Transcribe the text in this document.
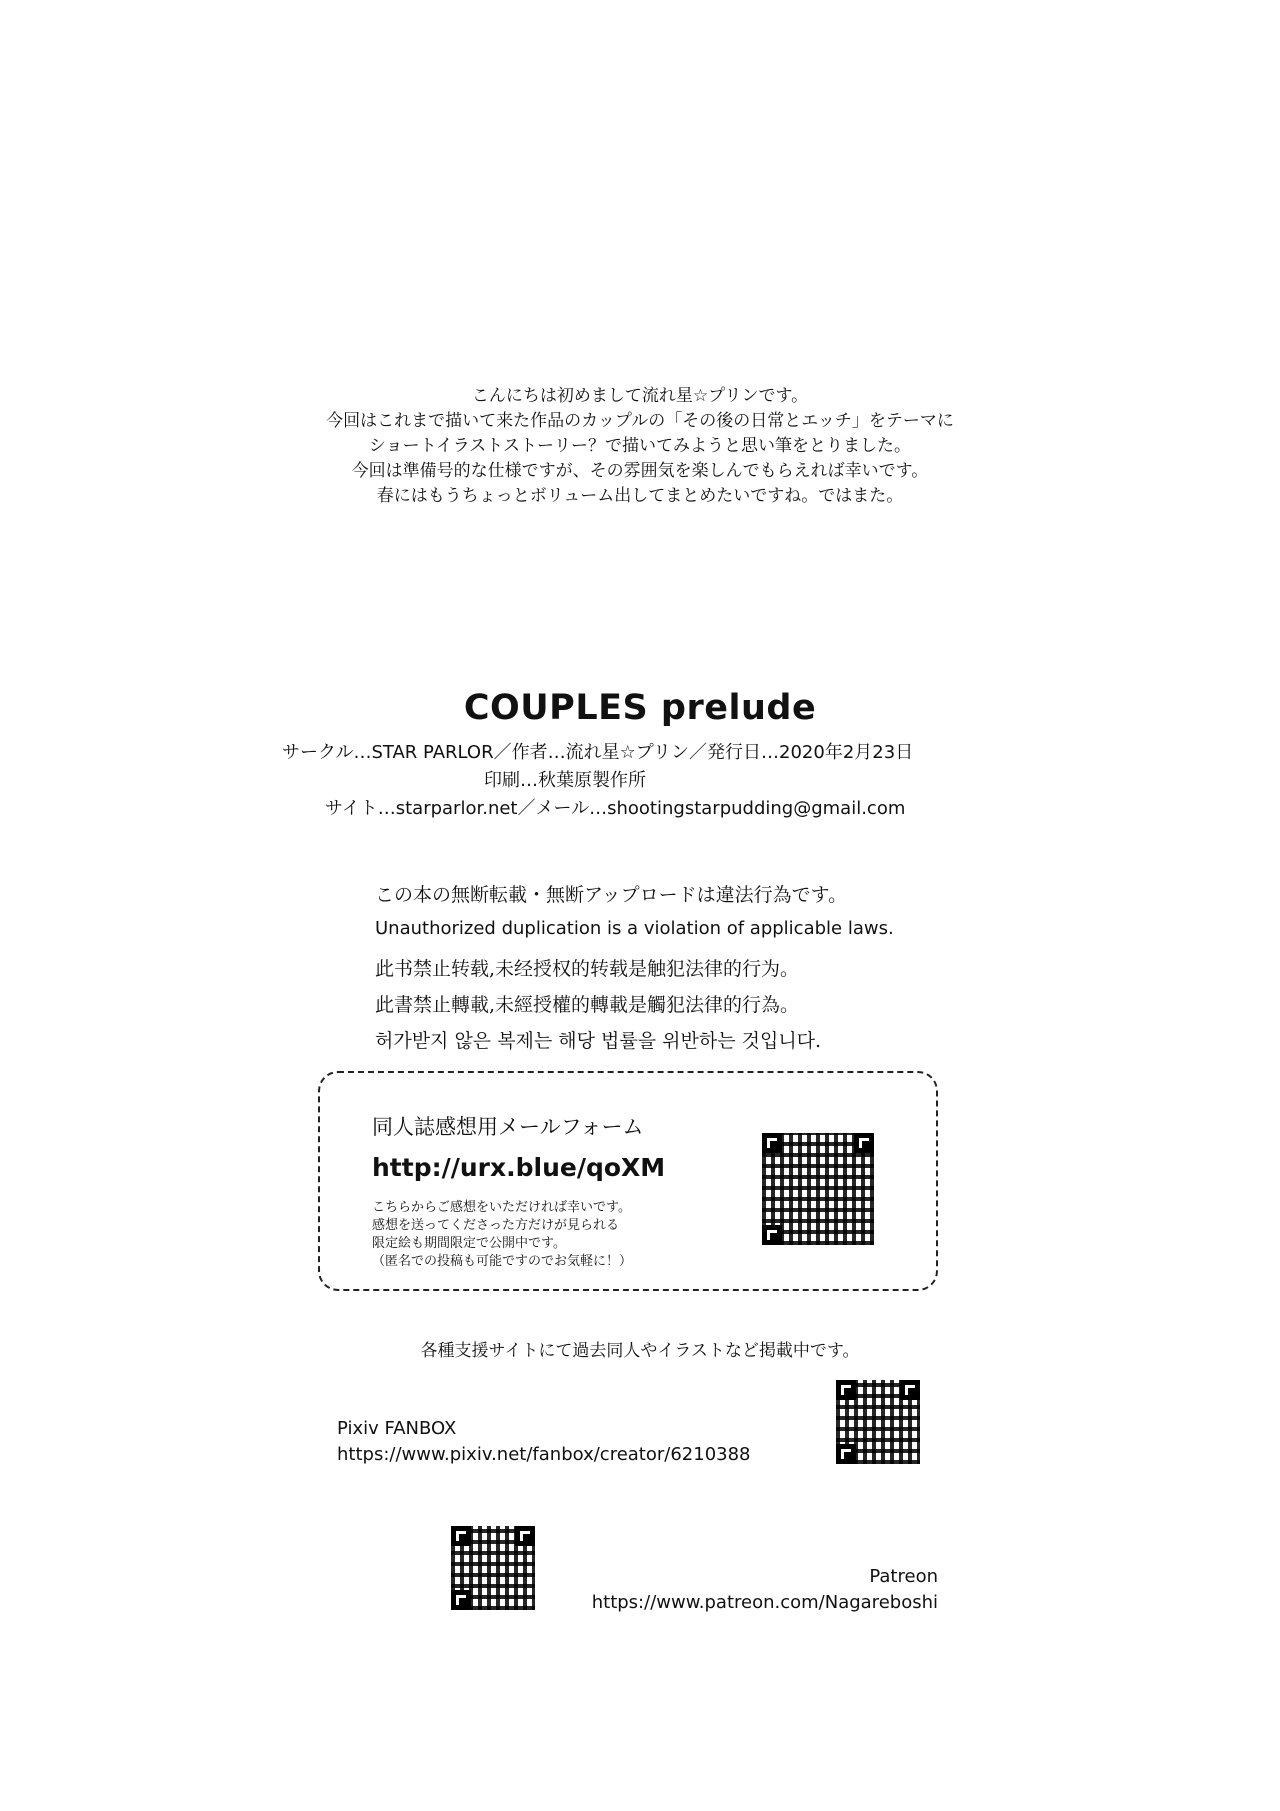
こんにちは初めまして流れ星☆プリンです。
今回はこれまで描いて来た作品のカップルの「その後の日常とエッチ」をテーマに
ショートイラストストーリー？で描いてみようと思い筆をとりました。
今回は準備号的な仕様ですが、その雰囲気を楽しんでもらえれば幸いです。
春にはもうちょっとボリューム出してまとめたいですね。ではまた。
COUPLES prelude
サークル…STAR PARLOR／作者…流れ星☆プリン／発行日…2020年2月23日
印刷…秋葉原製作所
サイト…starparlor.net／メール…shootingstarpudding@gmail.com
この本の無断転載・無断アップロードは違法行為です。
Unauthorized duplication is a violation of applicable laws.
此书禁止转载,未经授权的转载是触犯法律的行为。
此書禁止轉載,未經授權的轉載是觸犯法律的行為。
허가받지 않은 복제는 해당 법률을 위반하는 것입니다.
同人誌感想用メールフォーム
http://urx.blue/qoXM
こちらからご感想をいただければ幸いです。
感想を送ってくださった方だけが見られる
限定絵も期間限定で公開中です。
（匿名での投稿も可能ですのでお気軽に！）
各種支援サイトにて過去同人やイラストなど掲載中です。
Pixiv FANBOX
https://www.pixiv.net/fanbox/creator/6210388
Patreon
https://www.patreon.com/Nagareboshi
